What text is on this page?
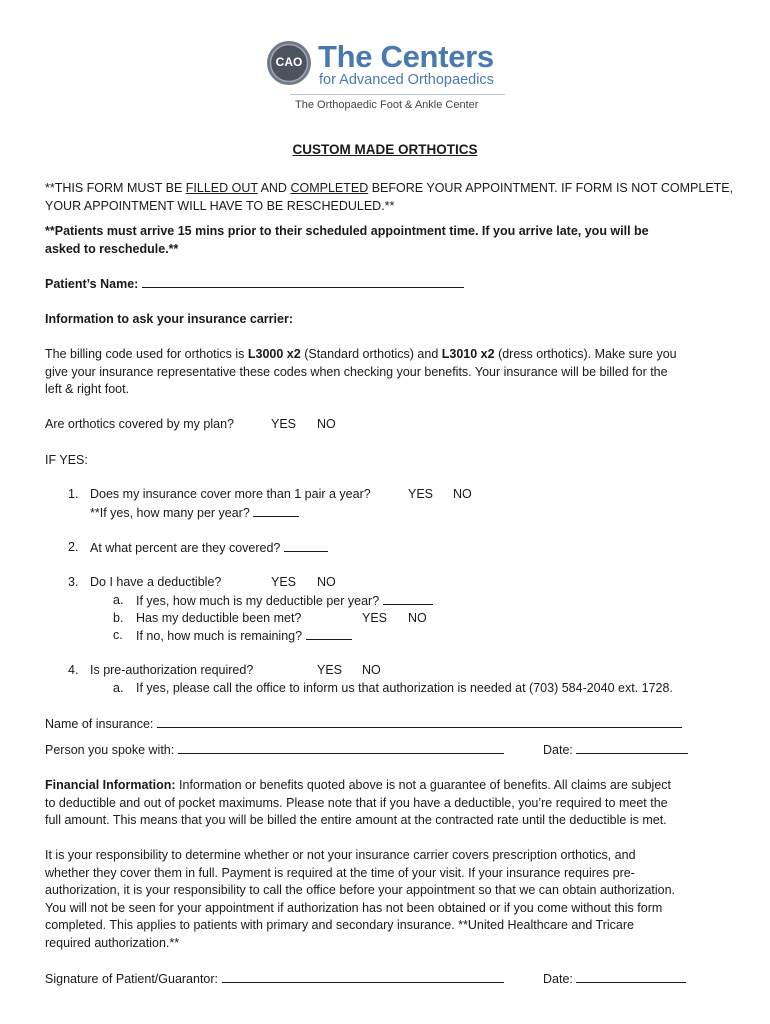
CAO The Centers
for Advanced Orthopaedics
The Orthopaedic Foot & Ankle Center
CUSTOM MADE ORTHOTICS
**THIS FORM MUST BE FILLED OUT AND COMPLETED BEFORE YOUR APPOINTMENT. IF FORM IS NOT COMPLETE,
YOUR APPOINTMENT WILL HAVE TO BE RESCHEDULED.**
**Patients must arrive 15 mins prior to their scheduled appointment time. If you arrive late, you will be
asked to reschedule.**
Patient’s Name:
Information to ask your insurance carrier:
The billing code used for orthotics is L3000 x2 (Standard orthotics) and L3010 x2 (dress orthotics). Make sure you
give your insurance representative these codes when checking your benefits. Your insurance will be billed for the
left & right foot.
Are orthotics covered by my plan?	YES NO
IF YES:
1. Does my insurance cover more than 1 pair a year?	YES NO
**If yes, how many per year?
2. At what percent are they covered?
3. Do I have a deductible?	YES NO
a. If yes, how much is my deductible per year?
b. Has my deductible been met?	YES NO
c. If no, how much is remaining?
4. Is pre-authorization required?	YES NO
a. If yes, please call the office to inform us that authorization is needed at (703) 584-2040 ext. 1728.
Name of insurance:
Person you spoke with:	Date:
Financial Information: Information or benefits quoted above is not a guarantee of benefits. All claims are subject
to deductible and out of pocket maximums. Please note that if you have a deductible, you’re required to meet the
full amount. This means that you will be billed the entire amount at the contracted rate until the deductible is met.
It is your responsibility to determine whether or not your insurance carrier covers prescription orthotics, and
whether they cover them in full. Payment is required at the time of your visit. If your insurance requires pre-
authorization, it is your responsibility to call the office before your appointment so that we can obtain authorization.
You will not be seen for your appointment if authorization has not been obtained or if you come without this form
completed. This applies to patients with primary and secondary insurance. **United Healthcare and Tricare
required authorization.**
Signature of Patient/Guarantor:	Date:
